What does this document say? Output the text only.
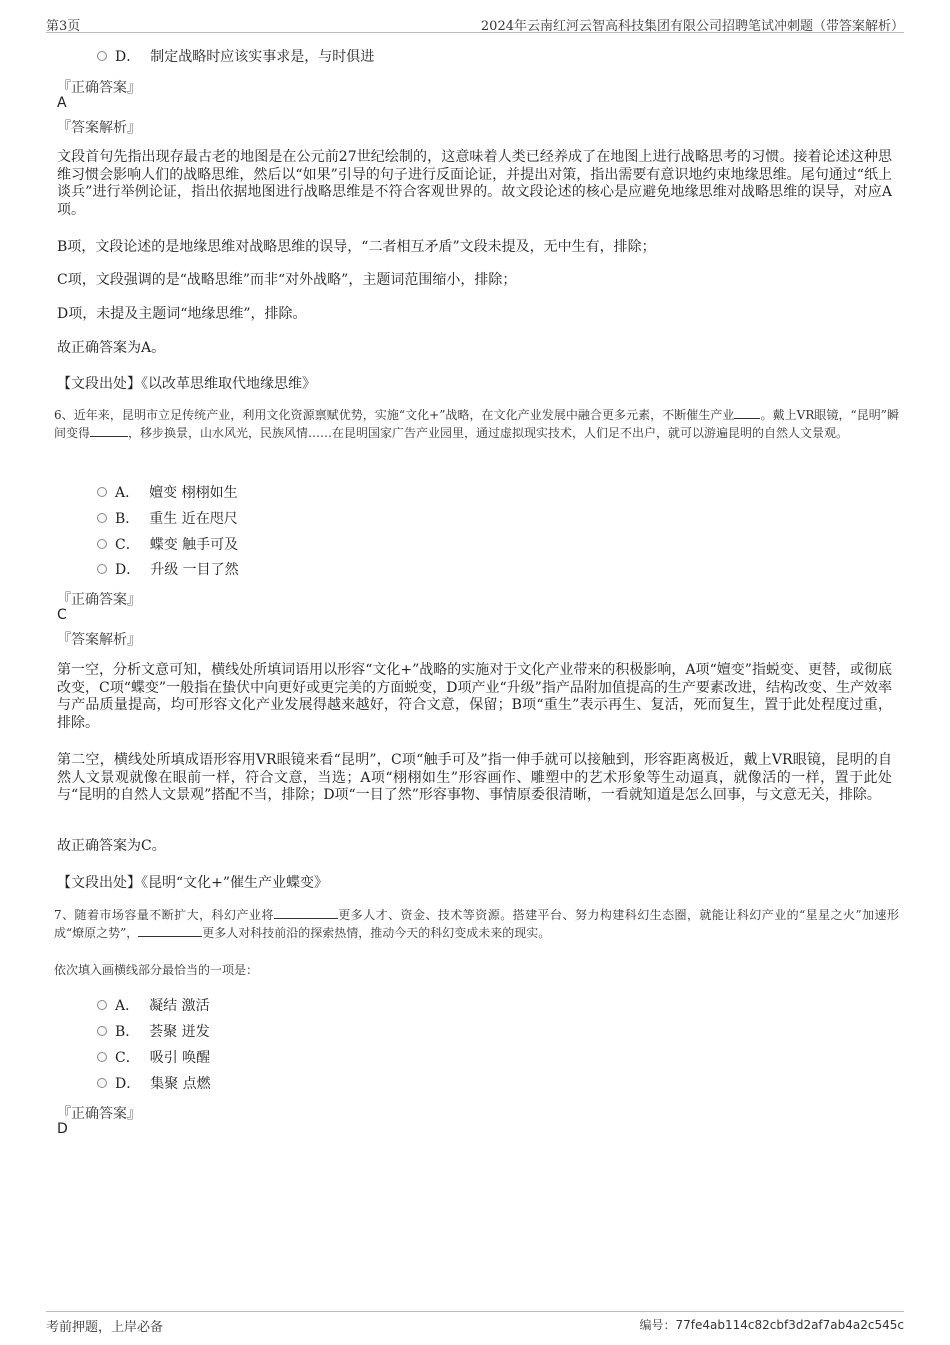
第3页	2024年云南红河云智高科技集团有限公司招聘笔试冲刺题（带答案解析）
D． 制定战略时应该实事求是，与时俱进
『正确答案』
A
『答案解析』
文段首句先指出现存最古老的地图是在公元前27世纪绘制的，这意味着人类已经养成了在地图上进行战略思考的习惯。接着论述这种思维习惯会影响人们的战略思维，然后以“如果”引导的句子进行反面论证，并提出对策，指出需要有意识地约束地缘思维。尾句通过“纸上谈兵”进行举例论证，指出依据地图进行战略思维是不符合客观世界的。故文段论述的核心是应避免地缘思维对战略思维的误导，对应A项。
B项，文段论述的是地缘思维对战略思维的误导，“二者相互矛盾”文段未提及，无中生有，排除；
C项，文段强调的是“战略思维”而非“对外战略”，主题词范围缩小，排除；
D项，未提及主题词“地缘思维”，排除。
故正确答案为A。
【文段出处】《以改革思维取代地缘思维》
6、近年来，昆明市立足传统产业，利用文化资源禀赋优势，实施“文化+”战略，在文化产业发展中融合更多元素，不断催生产业 。戴上VR眼镜，“昆明”瞬间变得	，移步换景，山水风光，民族风情……在昆明国家广告产业园里，通过虚拟现实技术，人们足不出户，就可以游遍昆明的自然人文景观。
A． 嬗变 栩栩如生
B． 重生 近在咫尺
C． 蝶变 触手可及
D． 升级 一目了然
『正确答案』
C
『答案解析』
第一空，分析文意可知，横线处所填词语用以形容“文化+”战略的实施对于文化产业带来的积极影响，A项“嬗变”指蜕变、更替，或彻底改变，C项“蝶变”一般指在蛰伏中向更好或更完美的方面蜕变，D项产业“升级”指产品附加值提高的生产要素改进，结构改变、生产效率与产品质量提高，均可形容文化产业发展得越来越好，符合文意，保留；B项“重生”表示再生、复活，死而复生，置于此处程度过重，排除。
第二空，横线处所填成语形容用VR眼镜来看“昆明”，C项“触手可及”指一伸手就可以接触到，形容距离极近，戴上VR眼镜，昆明的自然人文景观就像在眼前一样，符合文意，当选；A项“栩栩如生”形容画作、雕塑中的艺术形象等生动逼真，就像活的一样，置于此处与“昆明的自然人文景观”搭配不当，排除；D项“一目了然”形容事物、事情原委很清晰，一看就知道是怎么回事，与文意无关，排除。
故正确答案为C。
【文段出处】《昆明“文化+”催生产业蝶变》
7、随着市场容量不断扩大，科幻产业将	更多人才、资金、技术等资源。搭建平台、努力构建科幻生态圈，就能让科幻产业的“星星之火”加速形成“燎原之势”，	更多人对科技前沿的探索热情，推动今天的科幻变成未来的现实。
依次填入画横线部分最恰当的一项是：
A． 凝结 激活
B． 荟聚 迸发
C． 吸引 唤醒
D． 集聚 点燃
『正确答案』
D
考前押题，上岸必备	编号：77fe4ab114c82cbf3d2af7ab4a2c545c
